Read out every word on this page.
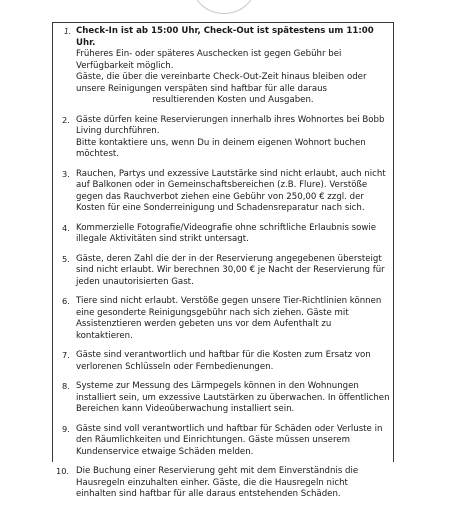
1. Check-In ist ab 15:00 Uhr, Check-Out ist spätestens um 11:00 Uhr.

Früheres Ein- oder späteres Auschecken ist gegen Gebühr bei Verfügbarkeit möglich.

Gäste, die über die vereinbarte Check-Out-Zeit hinaus bleiben oder unsere Reinigungen verspäten sind haftbar für alle daraus

resultierenden Kosten und Ausgaben.

2. Gäste dürfen keine Reservierungen innerhalb ihres Wohnortes bei Bobb Living durchführen.

Bitte kontaktiere uns, wenn Du in deinem eigenen Wohnort buchen möchtest.

3. Rauchen, Partys und exzessive Lautstärke sind nicht erlaubt, auch nicht auf Balkonen oder in Gemeinschaftsbereichen (z.B. Flure). Verstöße gegen das Rauchverbot ziehen eine Gebühr von 250,00 € zzgl. der Kosten für eine Sonderreinigung und Schadensreparatur nach sich.

4. Kommerzielle Fotografie/Videografie ohne schriftliche Erlaubnis sowie illegale Aktivitäten sind strikt untersagt.

5. Gäste, deren Zahl die der in der Reservierung angegebenen übersteigt sind nicht erlaubt. Wir berechnen 30,00 € je Nacht der Reservierung für jeden unautorisierten Gast.

6. Tiere sind nicht erlaubt. Verstöße gegen unsere Tier-Richtlinien können eine gesonderte Reinigungsgebühr nach sich ziehen. Gäste mit Assistenztieren werden gebeten uns vor dem Aufenthalt zu kontaktieren.

7. Gäste sind verantwortlich und haftbar für die Kosten zum Ersatz von verlorenen Schlüsseln oder Fernbedienungen.

8. Systeme zur Messung des Lärmpegels können in den Wohnungen installiert sein, um exzessive Lautstärken zu überwachen. In öffentlichen Bereichen kann Videoüberwachung installiert sein.

9. Gäste sind voll verantwortlich und haftbar für Schäden oder Verluste in den Räumlichkeiten und Einrichtungen. Gäste müssen unserem Kundenservice etwaige Schäden melden.

10. Die Buchung einer Reservierung geht mit dem Einverständnis die Hausregeln einzuhalten einher. Gäste, die die Hausregeln nicht einhalten sind haftbar für alle daraus entstehenden Schäden.
